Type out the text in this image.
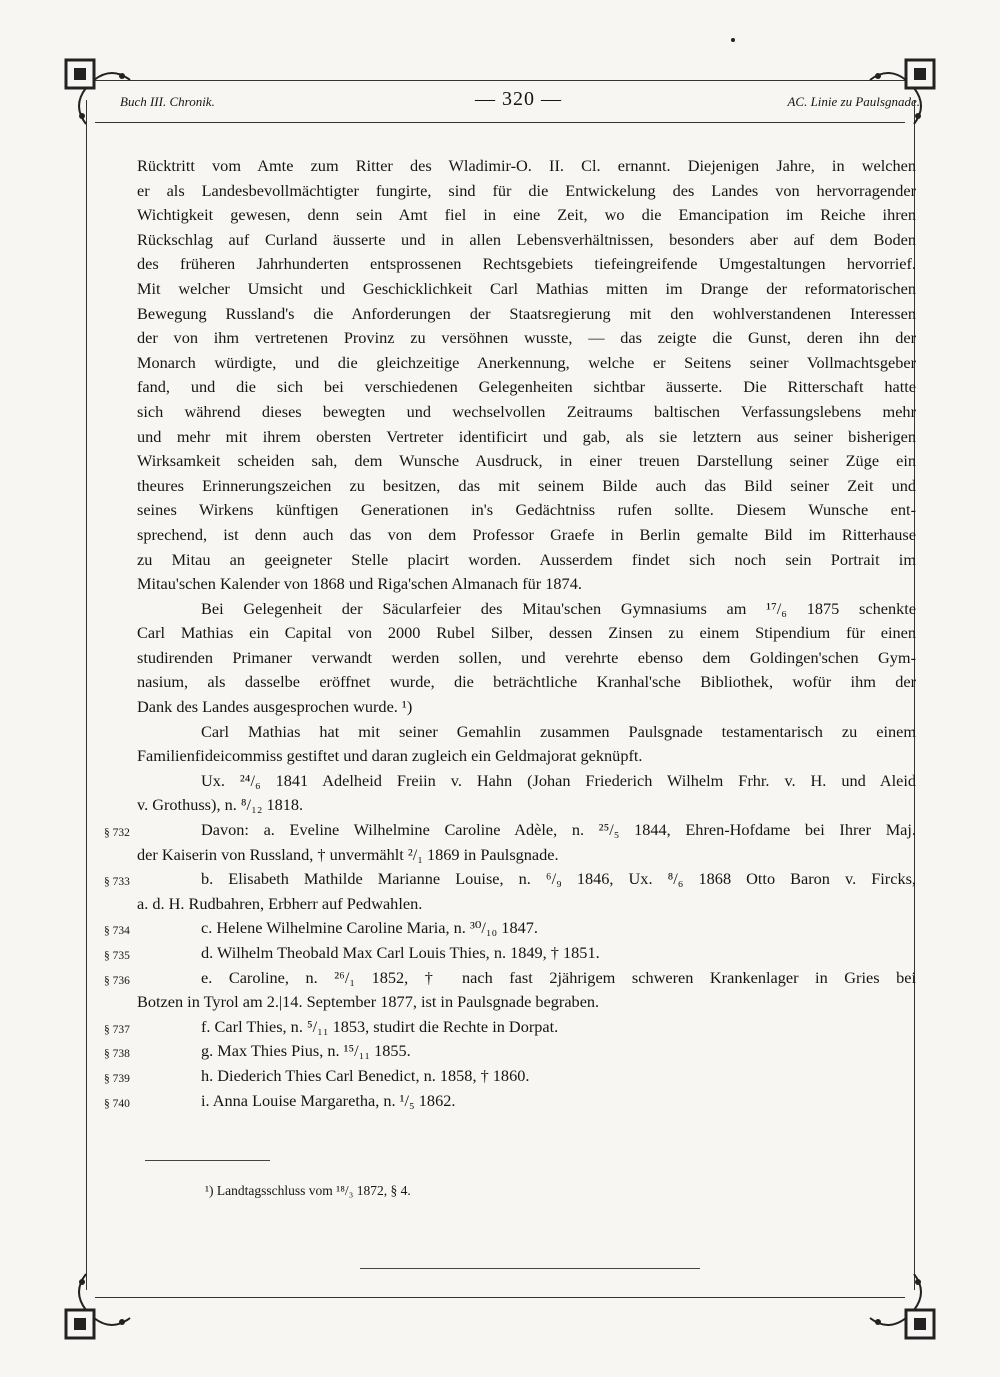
Buch III. Chronik.	— 320 —	AC. Linie zu Paulsgnade.
Rücktritt vom Amte zum Ritter des Wladimir-O. II. Cl. ernannt. Diejenigen Jahre, in welchen
er als Landesbevollmächtigter fungirte, sind für die Entwickelung des Landes von hervorragender
Wichtigkeit gewesen, denn sein Amt fiel in eine Zeit, wo die Emancipation im Reiche ihren
Rückschlag auf Curland äusserte und in allen Lebensverhältnissen, besonders aber auf dem Boden
des früheren Jahrhunderten entsprossenen Rechtsgebiets tiefeingreifende Umgestaltungen hervorrief.
Mit welcher Umsicht und Geschicklichkeit Carl Mathias mitten im Drange der reformatorischen
Bewegung Russland's die Anforderungen der Staatsregierung mit den wohlverstandenen Interessen
der von ihm vertretenen Provinz zu versöhnen wusste, — das zeigte die Gunst, deren ihn der
Monarch würdigte, und die gleichzeitige Anerkennung, welche er Seitens seiner Vollmachtsgeber
fand, und die sich bei verschiedenen Gelegenheiten sichtbar äusserte. Die Ritterschaft hatte
sich während dieses bewegten und wechselvollen Zeitraums baltischen Verfassungslebens mehr
und mehr mit ihrem obersten Vertreter identificirt und gab, als sie letztern aus seiner bisherigen
Wirksamkeit scheiden sah, dem Wunsche Ausdruck, in einer treuen Darstellung seiner Züge ein
theures Erinnerungszeichen zu besitzen, das mit seinem Bilde auch das Bild seiner Zeit und
seines Wirkens künftigen Generationen in's Gedächtniss rufen sollte. Diesem Wunsche ent-
sprechend, ist denn auch das von dem Professor Graefe in Berlin gemalte Bild im Ritterhause
zu Mitau an geeigneter Stelle placirt worden. Ausserdem findet sich noch sein Portrait im
Mitau'schen Kalender von 1868 und Riga'schen Almanach für 1874.
Bei Gelegenheit der Säcularfeier des Mitau'schen Gymnasiums am ¹⁷/₆ 1875 schenkte
Carl Mathias ein Capital von 2000 Rubel Silber, dessen Zinsen zu einem Stipendium für einen
studirenden Primaner verwandt werden sollen, und verehrte ebenso dem Goldingen'schen Gym-
nasium, als dasselbe eröffnet wurde, die beträchtliche Kranhal'sche Bibliothek, wofür ihm der
Dank des Landes ausgesprochen wurde. ¹)
Carl Mathias hat mit seiner Gemahlin zusammen Paulsgnade testamentarisch zu einem
Familienfideicommiss gestiftet und daran zugleich ein Geldmajorat geknüpft.
Ux. ²⁴/₆ 1841 Adelheid Freiin v. Hahn (Johan Friederich Wilhelm Frhr. v. H. und Aleid
v. Grothuss), n. ⁸/₁₂ 1818.
§ 732	Davon: a. Eveline Wilhelmine Caroline Adèle, n. ²⁵/₅ 1844, Ehren-Hofdame bei Ihrer Maj.
der Kaiserin von Russland, † unvermählt ²/₁ 1869 in Paulsgnade.
§ 733	b. Elisabeth Mathilde Marianne Louise, n. ⁶/₉ 1846, Ux. ⁸/₆ 1868 Otto Baron v. Fircks,
a. d. H. Rudbahren, Erbherr auf Pedwahlen.
§ 734	c. Helene Wilhelmine Caroline Maria, n. ³⁰/₁₀ 1847.
§ 735	d. Wilhelm Theobald Max Carl Louis Thies, n. 1849, † 1851.
§ 736	e. Caroline, n. ²⁶/₁ 1852, † nach fast 2jährigem schweren Krankenlager in Gries bei
Botzen in Tyrol am 2.|14. September 1877, ist in Paulsgnade begraben.
§ 737	f. Carl Thies, n. ⁵/₁₁ 1853, studirt die Rechte in Dorpat.
§ 738	g. Max Thies Pius, n. ¹⁵/₁₁ 1855.
§ 739	h. Diederich Thies Carl Benedict, n. 1858, † 1860.
§ 740	i. Anna Louise Margaretha, n. ¹/₅ 1862.
¹) Landtagsschluss vom ¹⁸/₃ 1872, § 4.
